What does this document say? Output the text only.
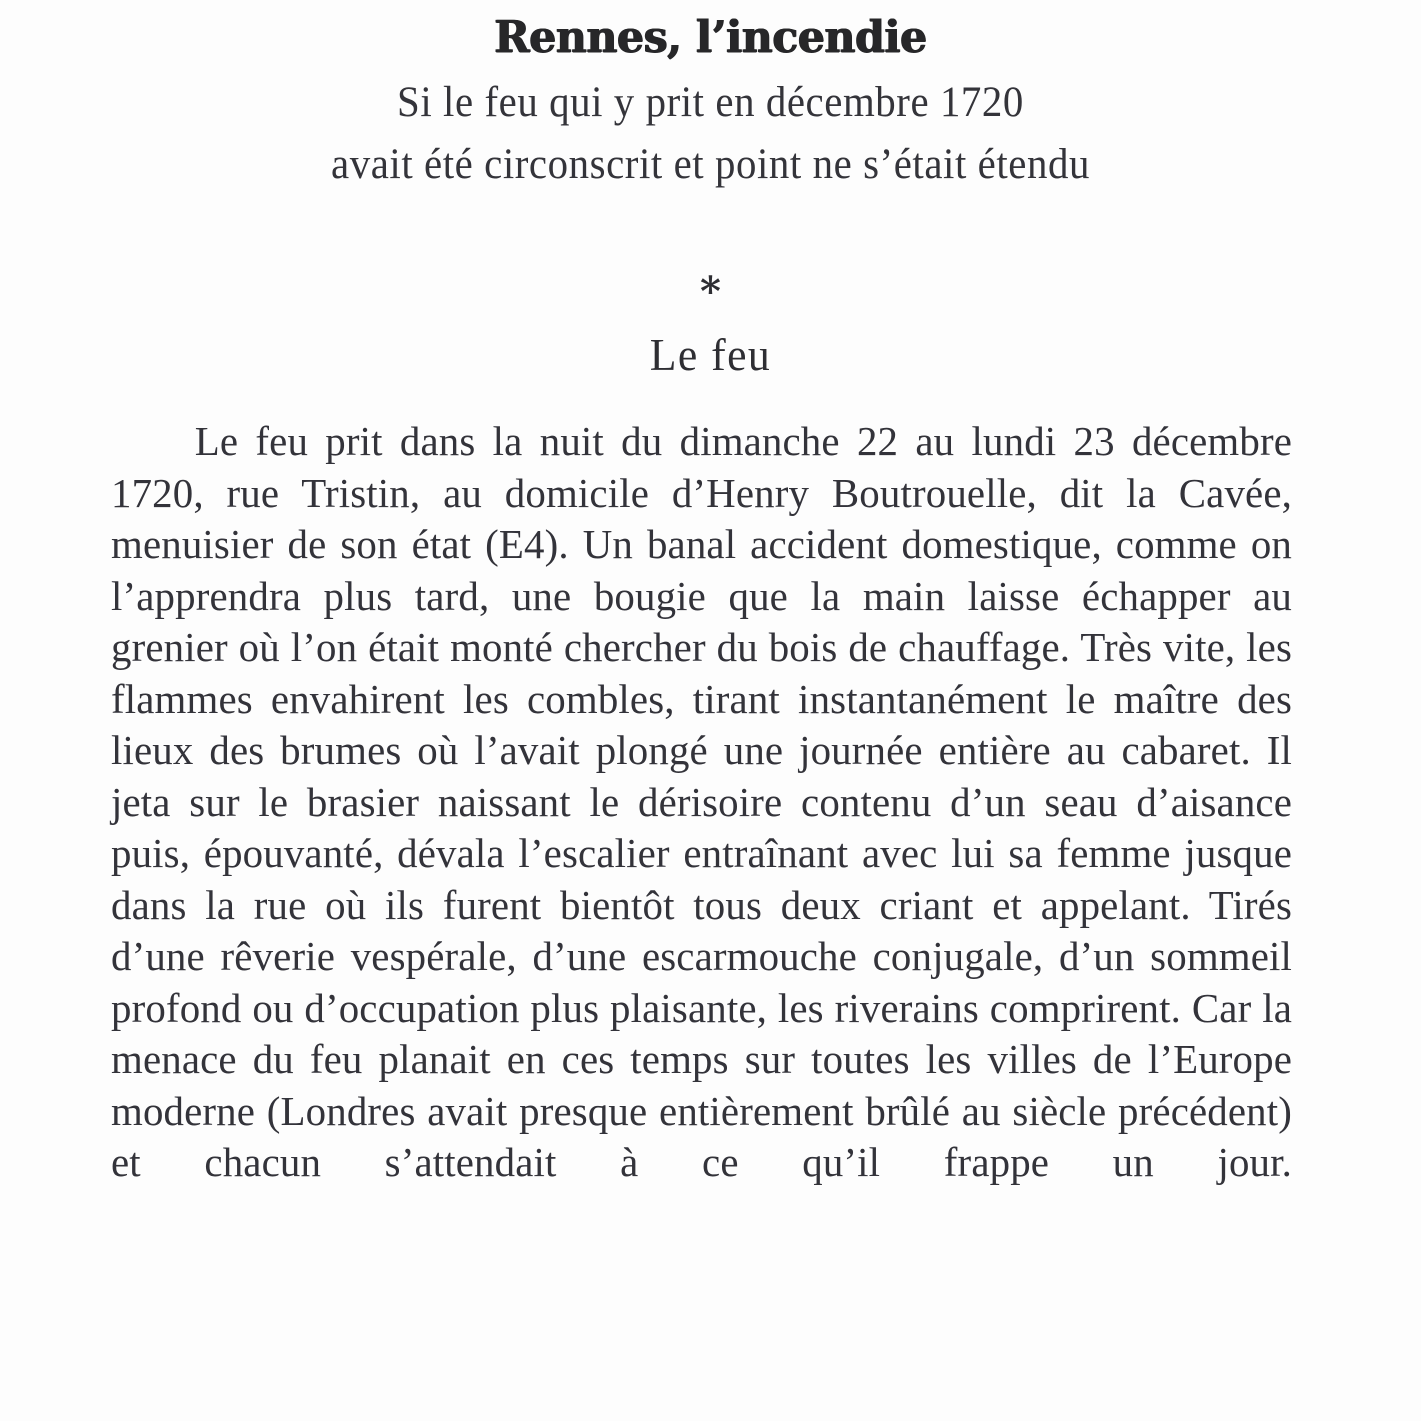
Rennes, l’incendie
Si le feu qui y prit en décembre 1720
avait été circonscrit et point ne s’était étendu
*
Le feu

Le feu prit dans la nuit du dimanche 22 au lundi 23 décembre 1720, rue Tristin, au domicile d’Henry Boutrouelle, dit la Cavée, menuisier de son état (E4). Un banal accident domestique, comme on l’apprendra plus tard, une bougie que la main laisse échapper au grenier où l’on était monté chercher du bois de chauffage. Très vite, les flammes envahirent les combles, tirant instantanément le maître des lieux des brumes où l’avait plongé une journée entière au cabaret. Il jeta sur le brasier naissant le dérisoire contenu d’un seau d’aisance puis, épouvanté, dévala l’escalier entraînant avec lui sa femme jusque dans la rue où ils furent bientôt tous deux criant et appelant. Tirés d’une rêverie vespérale, d’une escarmouche conjugale, d’un sommeil profond ou d’occupation plus plaisante, les riverains comprirent. Car la menace du feu planait en ces temps sur toutes les villes de l’Europe moderne (Londres avait presque entièrement brûlé au siècle précédent) et chacun s’attendait à ce qu’il frappe un jour.
